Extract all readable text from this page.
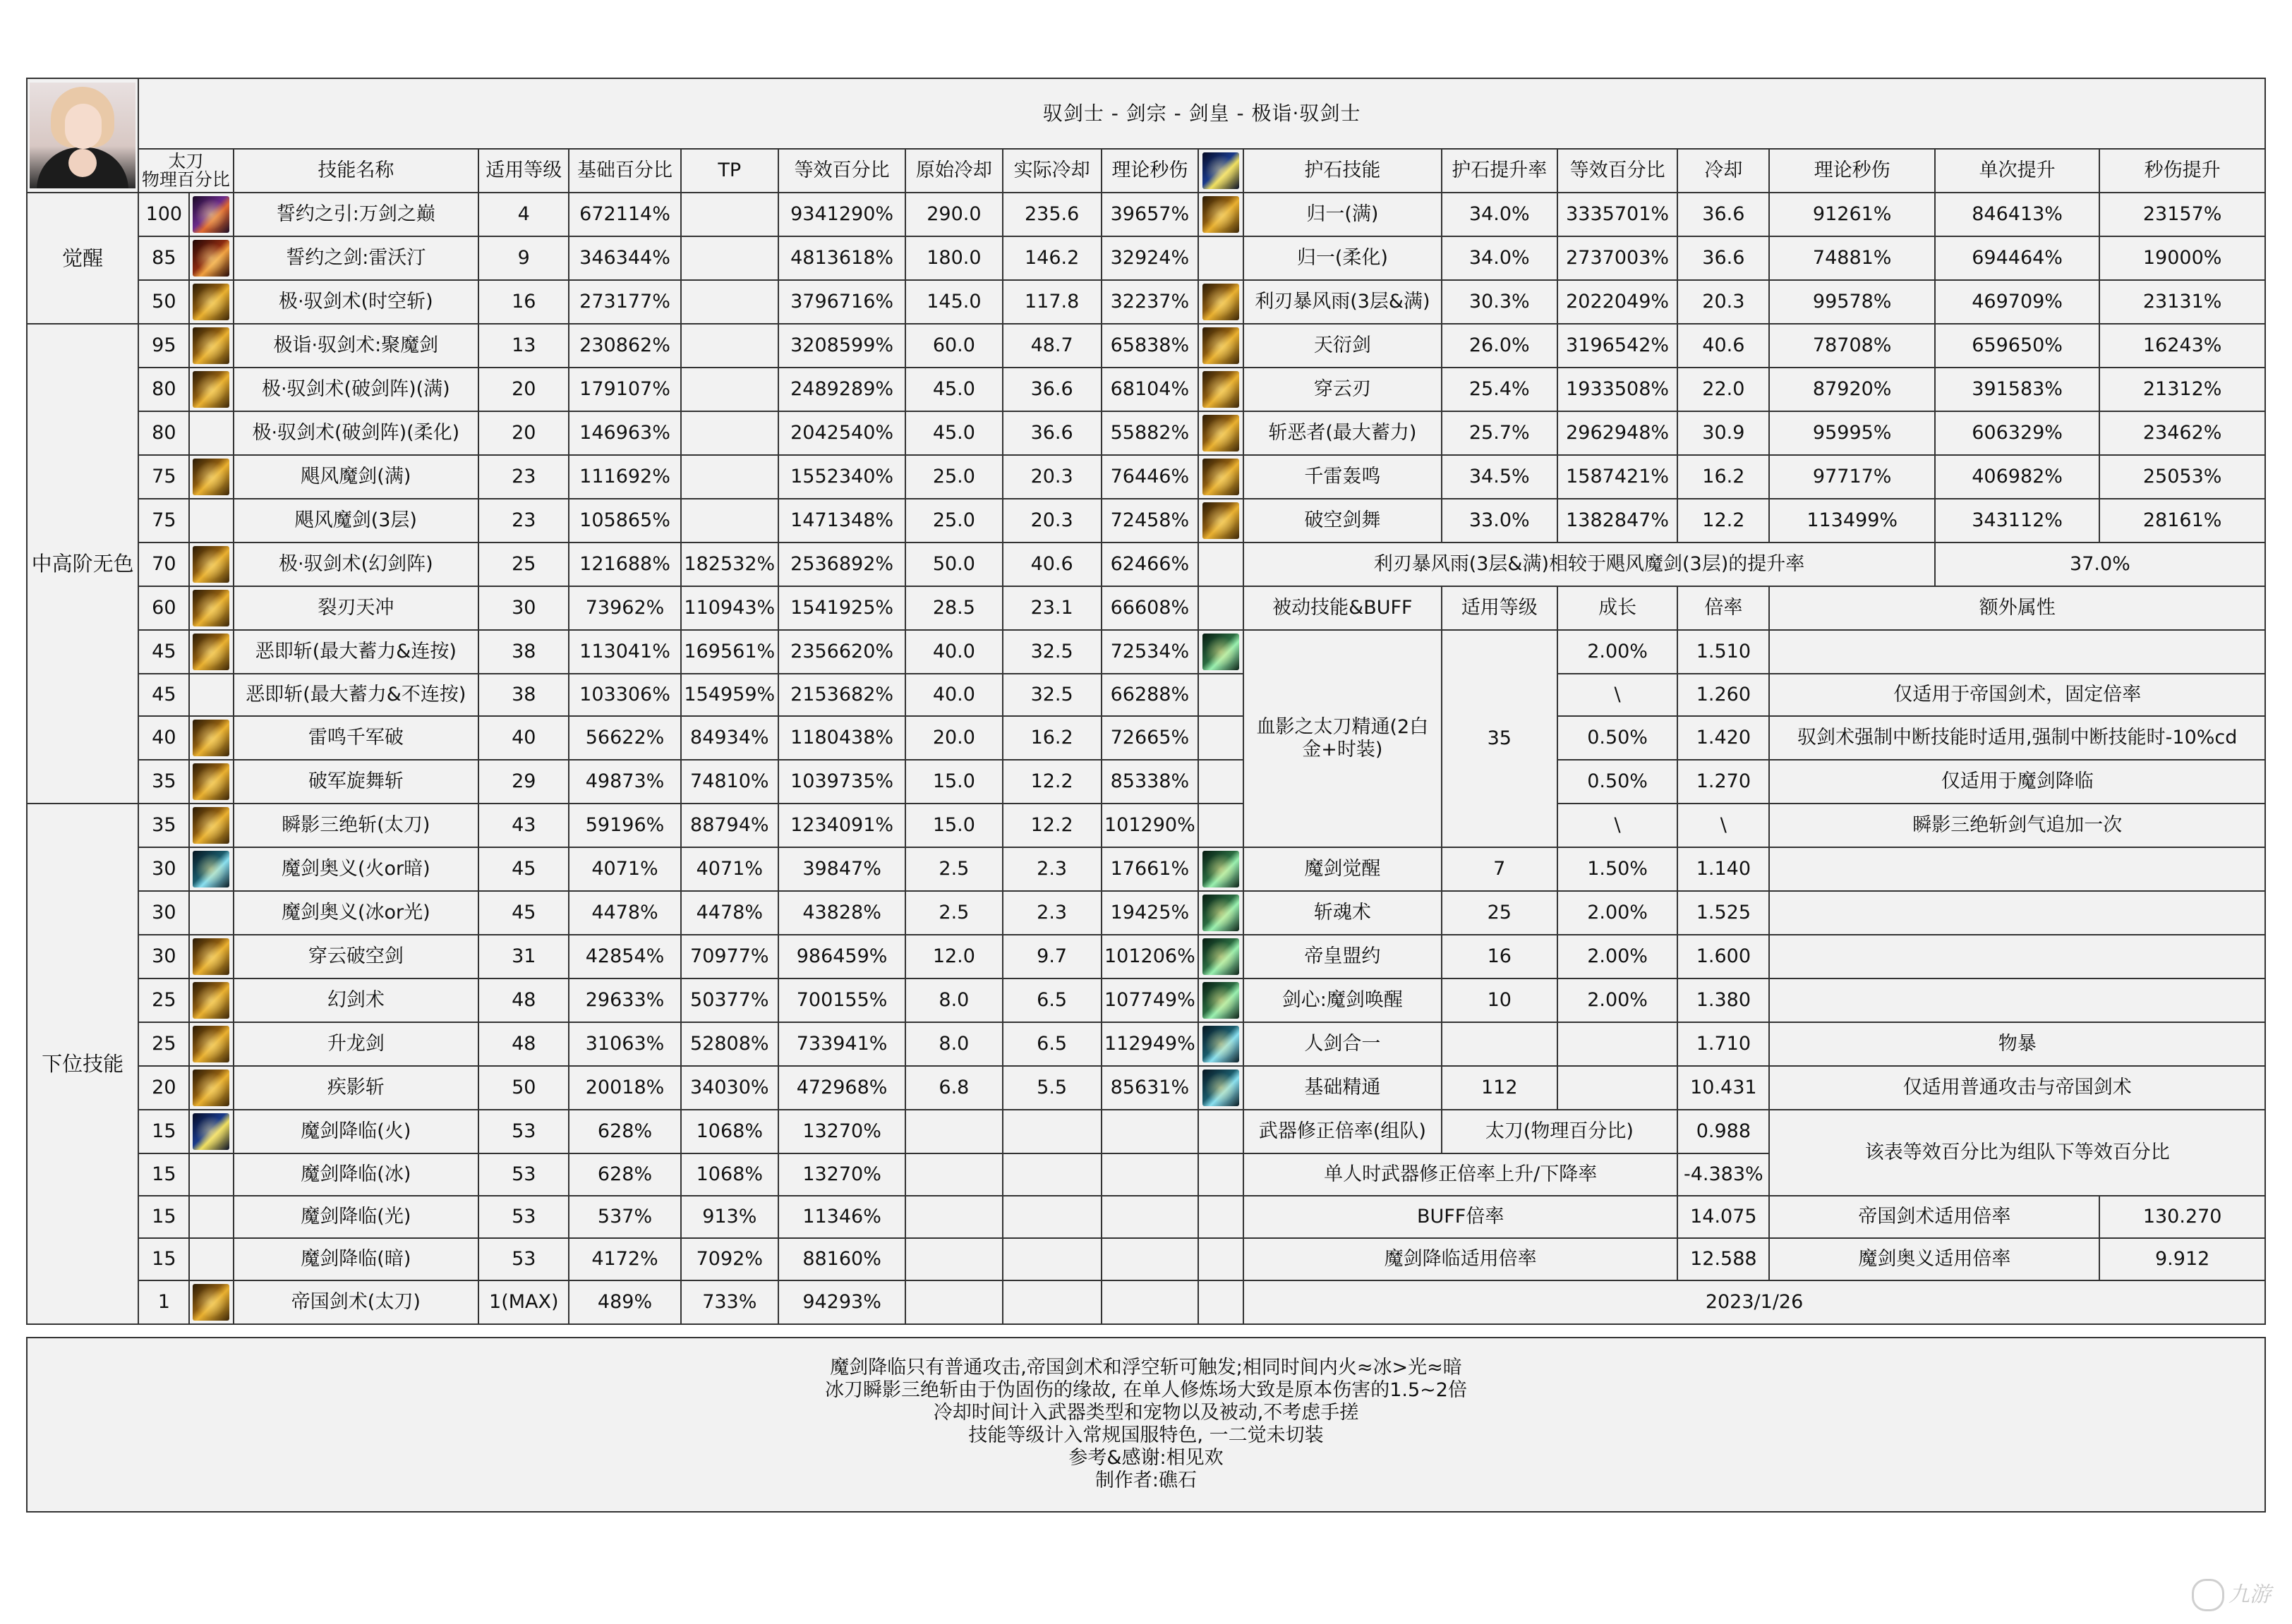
	驭剑士 - 剑宗 - 剑皇 - 极诣·驭剑士																	

	太刀
物理百分比		技能名称	适用等级	基础百分比	TP	等效百分比	原始冷却	实际冷却	理论秒伤		护石技能	护石提升率	等效百分比	冷却	理论秒伤	单次提升	秒伤提升
觉醒	100		誓约之引:万剑之巅	4	672114%		9341290%	290.0	235.6	39657%		归一(满)	34.0%	3335701%	36.6	91261%	846413%	23157%
	85		誓约之剑:雷沃汀	9	346344%		4813618%	180.0	146.2	32924%		归一(柔化)	34.0%	2737003%	36.6	74881%	694464%	19000%
	50		极·驭剑术(时空斩)	16	273177%		3796716%	145.0	117.8	32237%		利刃暴风雨(3层&满)	30.3%	2022049%	20.3	99578%	469709%	23131%
中高阶无色	95		极诣·驭剑术:聚魔剑	13	230862%		3208599%	60.0	48.7	65838%		天衍剑	26.0%	3196542%	40.6	78708%	659650%	16243%
	80		极·驭剑术(破剑阵)(满)	20	179107%		2489289%	45.0	36.6	68104%		穿云刃	25.4%	1933508%	22.0	87920%	391583%	21312%
	80		极·驭剑术(破剑阵)(柔化)	20	146963%		2042540%	45.0	36.6	55882%		斩恶者(最大蓄力)	25.7%	2962948%	30.9	95995%	606329%	23462%
	75		飓风魔剑(满)	23	111692%		1552340%	25.0	20.3	76446%		千雷轰鸣	34.5%	1587421%	16.2	97717%	406982%	25053%
	75		飓风魔剑(3层)	23	105865%		1471348%	25.0	20.3	72458%		破空剑舞	33.0%	1382847%	12.2	113499%	343112%	28161%
	70		极·驭剑术(幻剑阵)	25	121688%	182532%	2536892%	50.0	40.6	62466%		利刃暴风雨(3层&满)相较于飓风魔剑(3层)的提升率					37.0%	
	60		裂刃天冲	30	73962%	110943%	1541925%	28.5	23.1	66608%		被动技能&BUFF	适用等级	成长	倍率	额外属性		
	45		恶即斩(最大蓄力&连按)	38	113041%	169561%	2356620%	40.0	32.5	72534%		血影之太刀精通(2白金+时装)	35	2.00%	1.510			
	45		恶即斩(最大蓄力&不连按)	38	103306%	154959%	2153682%	40.0	32.5	66288%				\	1.260	仅适用于帝国剑术，固定倍率		
	40		雷鸣千军破	40	56622%	84934%	1180438%	20.0	16.2	72665%				0.50%	1.420	驭剑术强制中断技能时适用,强制中断技能时-10%cd		
	35		破军旋舞斩	29	49873%	74810%	1039735%	15.0	12.2	85338%				0.50%	1.270	仅适用于魔剑降临		
下位技能	35		瞬影三绝斩(太刀)	43	59196%	88794%	1234091%	15.0	12.2	101290%				\	\	瞬影三绝斩剑气追加一次		
	30		魔剑奥义(火or暗)	45	4071%	4071%	39847%	2.5	2.3	17661%		魔剑觉醒	7	1.50%	1.140			
	30		魔剑奥义(冰or光)	45	4478%	4478%	43828%	2.5	2.3	19425%		斩魂术	25	2.00%	1.525			
	30		穿云破空剑	31	42854%	70977%	986459%	12.0	9.7	101206%		帝皇盟约	16	2.00%	1.600			
	25		幻剑术	48	29633%	50377%	700155%	8.0	6.5	107749%		剑心:魔剑唤醒	10	2.00%	1.380			
	25		升龙剑	48	31063%	52808%	733941%	8.0	6.5	112949%		人剑合一			1.710	物暴		
	20		疾影斩	50	20018%	34030%	472968%	6.8	5.5	85631%		基础精通	112		10.431	仅适用普通攻击与帝国剑术		
	15		魔剑降临(火)	53	628%	1068%	13270%					武器修正倍率(组队)	太刀(物理百分比)		0.988	该表等效百分比为组队下等效百分比		
	15		魔剑降临(冰)	53	628%	1068%	13270%					单人时武器修正倍率上升/下降率			-4.383%			
	15		魔剑降临(光)	53	537%	913%	11346%					BUFF倍率			14.075	帝国剑术适用倍率		130.270
	15		魔剑降临(暗)	53	4172%	7092%	88160%					魔剑降临适用倍率			12.588	魔剑奥义适用倍率		9.912
	1		帝国剑术(太刀)	1(MAX)	489%	733%	94293%					2023/1/26						
魔剑降临只有普通攻击,帝国剑术和浮空斩可触发;相同时间内火≈冰>光≈暗
冰刀瞬影三绝斩由于伪固伤的缘故, 在单人修炼场大致是原本伤害的1.5~2倍
冷却时间计入武器类型和宠物以及被动,不考虑手搓
技能等级计入常规国服特色, 一二觉未切装
参考&感谢:相见欢
制作者:礁石
九游
